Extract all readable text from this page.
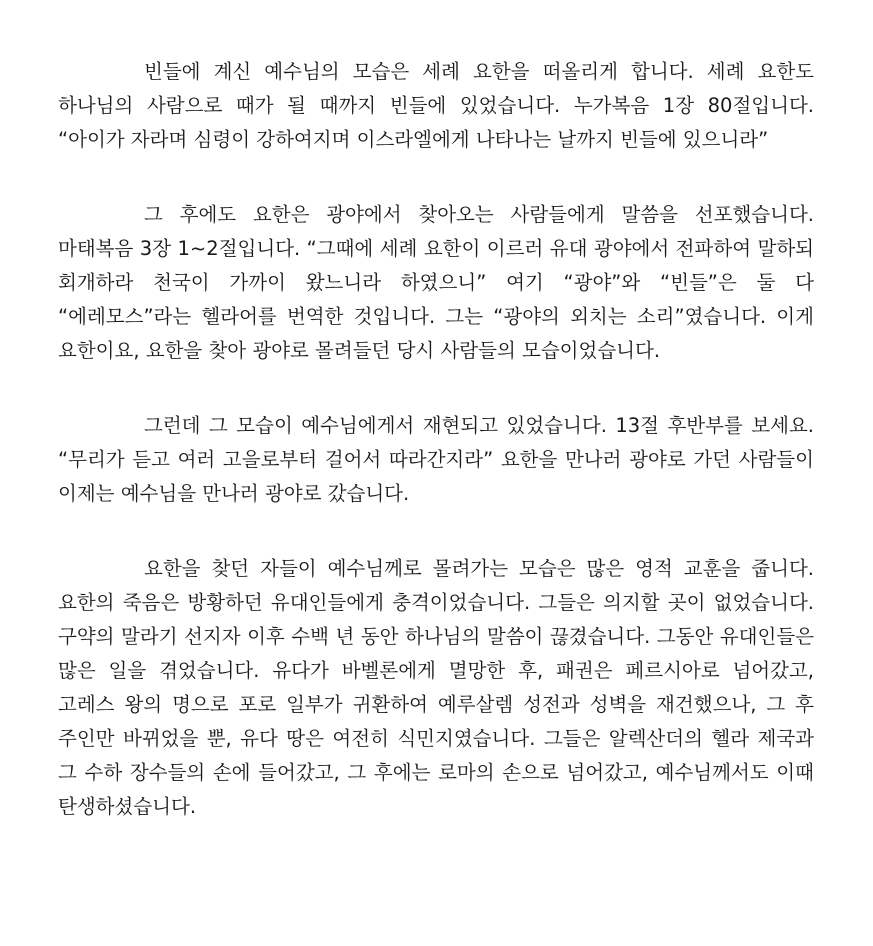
빈들에 계신 예수님의 모습은 세례 요한을 떠올리게 합니다. 세례 요한도 하나님의 사람으로 때가 될 때까지 빈들에 있었습니다. 누가복음 1장 80절입니다. “아이가 자라며 심령이 강하여지며 이스라엘에게 나타나는 날까지 빈들에 있으니라”

그 후에도 요한은 광야에서 찾아오는 사람들에게 말씀을 선포했습니다. 마태복음 3장 1~2절입니다. “그때에 세례 요한이 이르러 유대 광야에서 전파하여 말하되 회개하라 천국이 가까이 왔느니라 하였으니” 여기 “광야”와 “빈들”은 둘 다 “에레모스”라는 헬라어를 번역한 것입니다. 그는 “광야의 외치는 소리”였습니다. 이게 요한이요, 요한을 찾아 광야로 몰려들던 당시 사람들의 모습이었습니다.

그런데 그 모습이 예수님에게서 재현되고 있었습니다. 13절 후반부를 보세요. “무리가 듣고 여러 고을로부터 걸어서 따라간지라” 요한을 만나러 광야로 가던 사람들이 이제는 예수님을 만나러 광야로 갔습니다.

요한을 찾던 자들이 예수님께로 몰려가는 모습은 많은 영적 교훈을 줍니다. 요한의 죽음은 방황하던 유대인들에게 충격이었습니다. 그들은 의지할 곳이 없었습니다. 구약의 말라기 선지자 이후 수백 년 동안 하나님의 말씀이 끊겼습니다. 그동안 유대인들은 많은 일을 겪었습니다. 유다가 바벨론에게 멸망한 후, 패권은 페르시아로 넘어갔고, 고레스 왕의 명으로 포로 일부가 귀환하여 예루살렘 성전과 성벽을 재건했으나, 그 후 주인만 바뀌었을 뿐, 유다 땅은 여전히 식민지였습니다. 그들은 알렉산더의 헬라 제국과 그 수하 장수들의 손에 들어갔고, 그 후에는 로마의 손으로 넘어갔고, 예수님께서도 이때 탄생하셨습니다.
